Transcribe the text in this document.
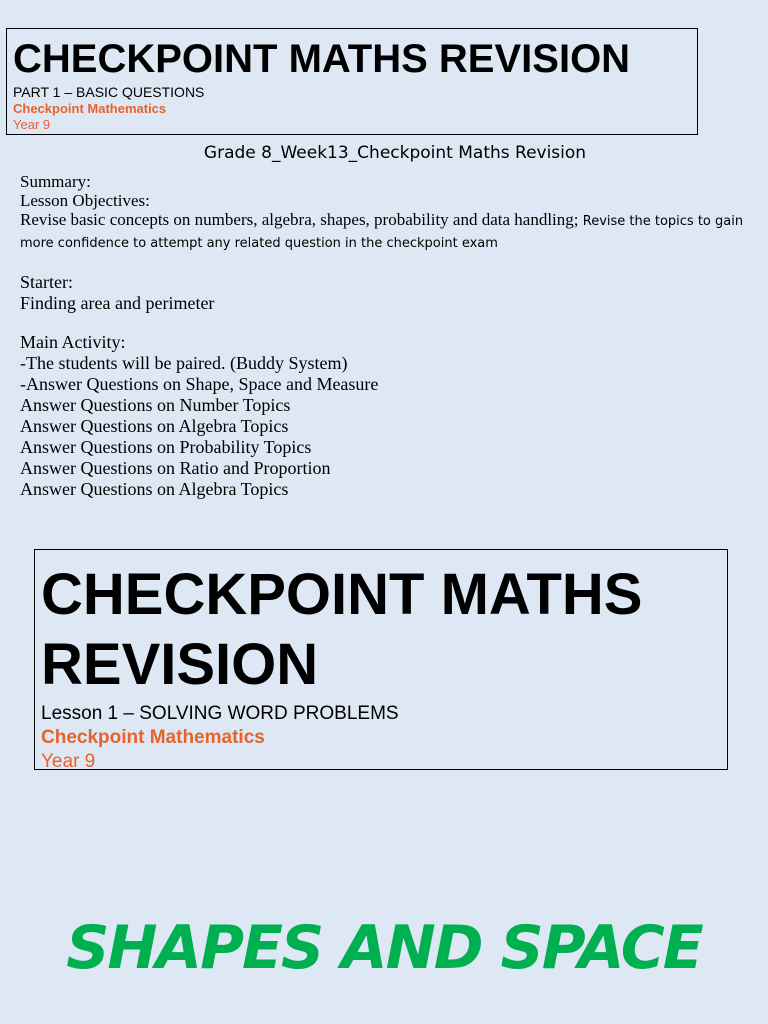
CHECKPOINT MATHS REVISION
PART 1 – BASIC QUESTIONS
Checkpoint Mathematics
Year 9
Grade 8_Week13_Checkpoint Maths Revision
Summary:
Lesson Objectives:
Revise basic concepts on numbers, algebra, shapes, probability and data handling; Revise the topics to gain more confidence to attempt any related question in the checkpoint exam
Starter:
Finding area and perimeter
Main Activity:
-The students will be paired. (Buddy System)
-Answer Questions on Shape, Space and Measure
Answer Questions on Number Topics
Answer Questions on Algebra Topics
Answer Questions on Probability Topics
Answer Questions on Ratio and Proportion
Answer Questions on Algebra Topics
CHECKPOINT MATHS
REVISION
Lesson 1 – SOLVING WORD PROBLEMS
Checkpoint Mathematics
Year 9
SHAPES AND SPACE
